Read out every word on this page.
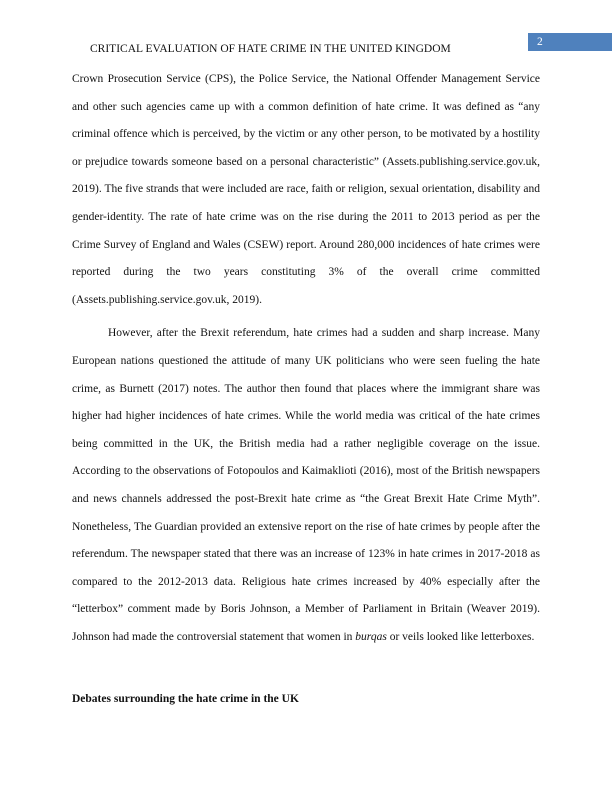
2
CRITICAL EVALUATION OF HATE CRIME IN THE UNITED KINGDOM

Crown Prosecution Service (CPS), the Police Service, the National Offender Management Service and other such agencies came up with a common definition of hate crime. It was defined as “any criminal offence which is perceived, by the victim or any other person, to be motivated by a hostility or prejudice towards someone based on a personal characteristic” (Assets.publishing.service.gov.uk, 2019). The five strands that were included are race, faith or religion, sexual orientation, disability and gender-identity. The rate of hate crime was on the rise during the 2011 to 2013 period as per the Crime Survey of England and Wales (CSEW) report. Around 280,000 incidences of hate crimes were reported during the two years constituting 3% of the overall crime committed (Assets.publishing.service.gov.uk, 2019).

However, after the Brexit referendum, hate crimes had a sudden and sharp increase. Many European nations questioned the attitude of many UK politicians who were seen fueling the hate crime, as Burnett (2017) notes. The author then found that places where the immigrant share was higher had higher incidences of hate crimes. While the world media was critical of the hate crimes being committed in the UK, the British media had a rather negligible coverage on the issue. According to the observations of Fotopoulos and Kaimaklioti (2016), most of the British newspapers and news channels addressed the post-Brexit hate crime as “the Great Brexit Hate Crime Myth”. Nonetheless, The Guardian provided an extensive report on the rise of hate crimes by people after the referendum. The newspaper stated that there was an increase of 123% in hate crimes in 2017-2018 as compared to the 2012-2013 data. Religious hate crimes increased by 40% especially after the “letterbox” comment made by Boris Johnson, a Member of Parliament in Britain (Weaver 2019). Johnson had made the controversial statement that women in burqas or veils looked like letterboxes.

Debates surrounding the hate crime in the UK
